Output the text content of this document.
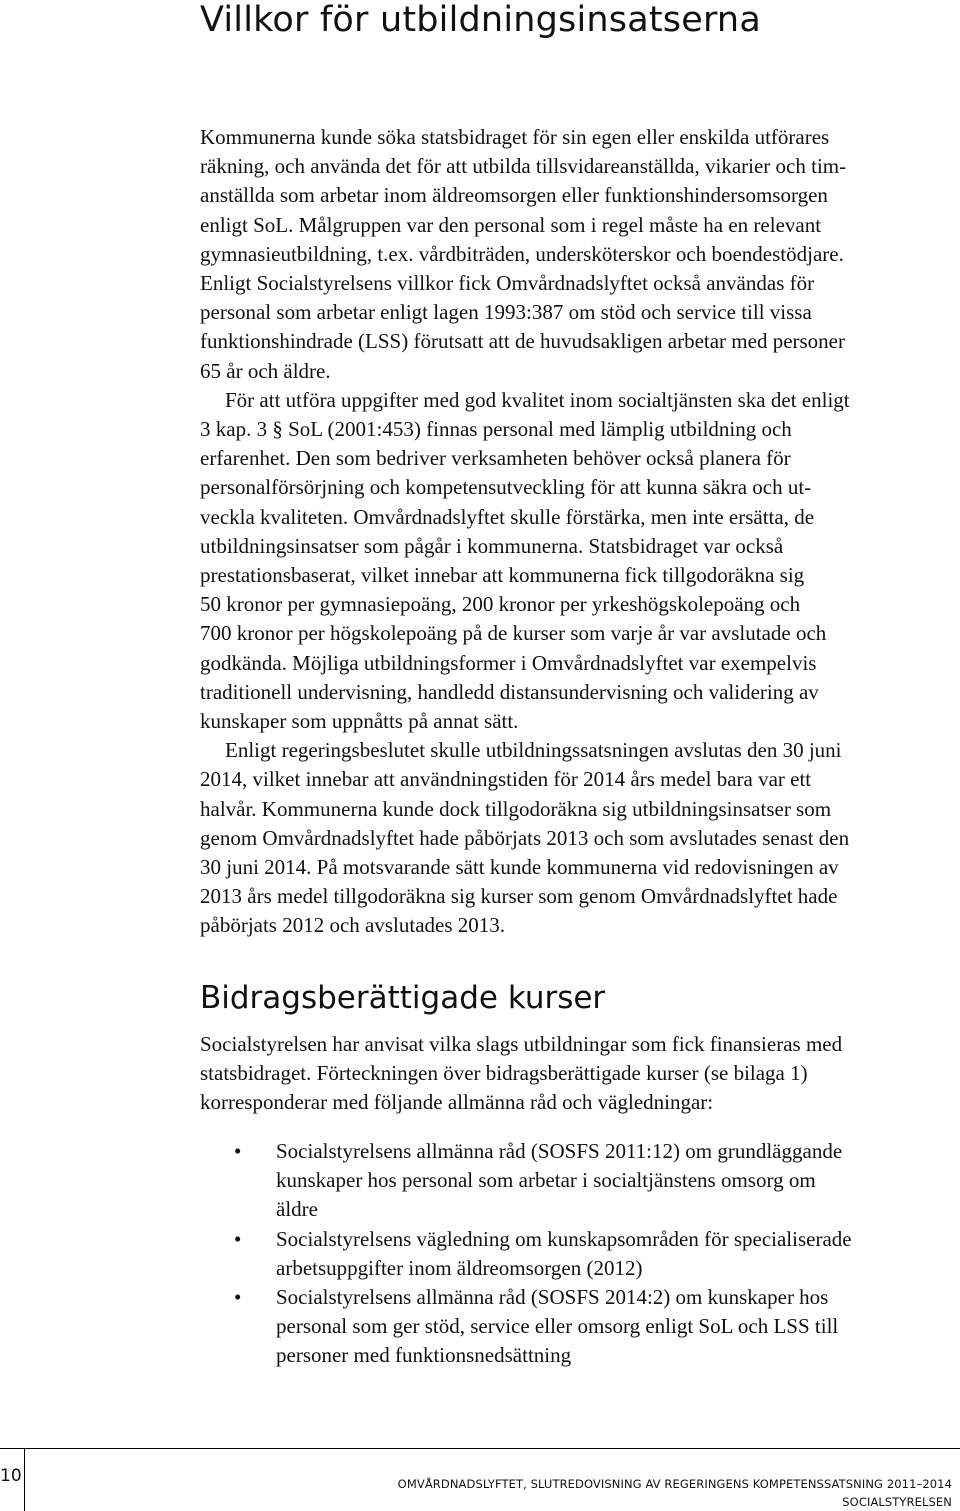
Villkor för utbildningsinsatserna

Kommunerna kunde söka statsbidraget för sin egen eller enskilda utförares
räkning, och använda det för att utbilda tillsvidareanställda, vikarier och tim-
anställda som arbetar inom äldreomsorgen eller funktionshindersomsorgen
enligt SoL. Målgruppen var den personal som i regel måste ha en relevant
gymnasieutbildning, t.ex. vårdbiträden, undersköterskor och boendestödjare.
Enligt Socialstyrelsens villkor fick Omvårdnadslyftet också användas för
personal som arbetar enligt lagen 1993:387 om stöd och service till vissa
funktionshindrade (LSS) förutsatt att de huvudsakligen arbetar med personer
65 år och äldre.

För att utföra uppgifter med god kvalitet inom socialtjänsten ska det enligt
3 kap. 3 § SoL (2001:453) finnas personal med lämplig utbildning och
erfarenhet. Den som bedriver verksamheten behöver också planera för
personalförsörjning och kompetensutveckling för att kunna säkra och ut-
veckla kvaliteten. Omvårdnadslyftet skulle förstärka, men inte ersätta, de
utbildningsinsatser som pågår i kommunerna. Statsbidraget var också
prestationsbaserat, vilket innebar att kommunerna fick tillgodoräkna sig
50 kronor per gymnasiepoäng, 200 kronor per yrkeshögskolepoäng och
700 kronor per högskolepoäng på de kurser som varje år var avslutade och
godkända. Möjliga utbildningsformer i Omvårdnadslyftet var exempelvis
traditionell undervisning, handledd distansundervisning och validering av
kunskaper som uppnåtts på annat sätt.

Enligt regeringsbeslutet skulle utbildningssatsningen avslutas den 30 juni
2014, vilket innebar att användningstiden för 2014 års medel bara var ett
halvår. Kommunerna kunde dock tillgodoräkna sig utbildningsinsatser som
genom Omvårdnadslyftet hade påbörjats 2013 och som avslutades senast den
30 juni 2014. På motsvarande sätt kunde kommunerna vid redovisningen av
2013 års medel tillgodoräkna sig kurser som genom Omvårdnadslyftet hade
påbörjats 2012 och avslutades 2013.

Bidragsberättigade kurser

Socialstyrelsen har anvisat vilka slags utbildningar som fick finansieras med
statsbidraget. Förteckningen över bidragsberättigade kurser (se bilaga 1)
korresponderar med följande allmänna råd och vägledningar:

• Socialstyrelsens allmänna råd (SOSFS 2011:12) om grundläggande
kunskaper hos personal som arbetar i socialtjänstens omsorg om
äldre
• Socialstyrelsens vägledning om kunskapsområden för specialiserade
arbetsuppgifter inom äldreomsorgen (2012)
• Socialstyrelsens allmänna råd (SOSFS 2014:2) om kunskaper hos
personal som ger stöd, service eller omsorg enligt SoL och LSS till
personer med funktionsnedsättning
10	OMVÅRDNADSLYFTET, SLUTREDOVISNING AV REGERINGENS KOMPETENSSATSNING 2011–2014
SOCIALSTYRELSEN
